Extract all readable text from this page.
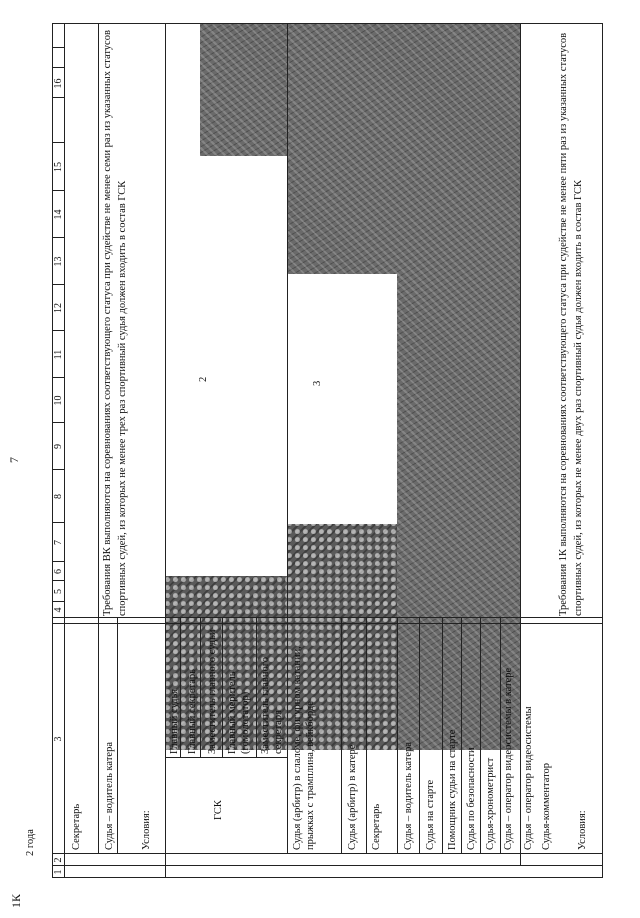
7
2
3
1
2
3
4
5
6
7
8
9
10
11
12
13
14
15
16
1К
2 года
ГСК
Секретарь Судья – водитель катера Условия:
Требования ВК выполняются на соревнованиях соответствующего статуса при судействе не менее семи раз из указанных статусов спортивных судей, из которых не менее трех раз спортивный судья должен входить в состав ГСК
Главный судья Главный секретарь Заместитель главного судьи Главный меритель (гомолотатор) Заместитель главного секретаря Судья (арбитр) в слаломе, фигурном катании, прыжках с трамплина, вейкборде	Судья (арбитр) в катере Секретарь Судья – водитель катера Судья на старте Помощник судьи на старте Судья по безопасности Судья-хронометрист Судья – оператор видеосистемы в катере Судья – оператор видеосистемы Судья-комментатор Условия:
Требования 1К выполняются на соревнованиях соответствующего статуса при судействе не менее пяти раз из указанных статусов спортивных судей, из которых не менее двух раз спортивный судья должен входить в состав ГСК
